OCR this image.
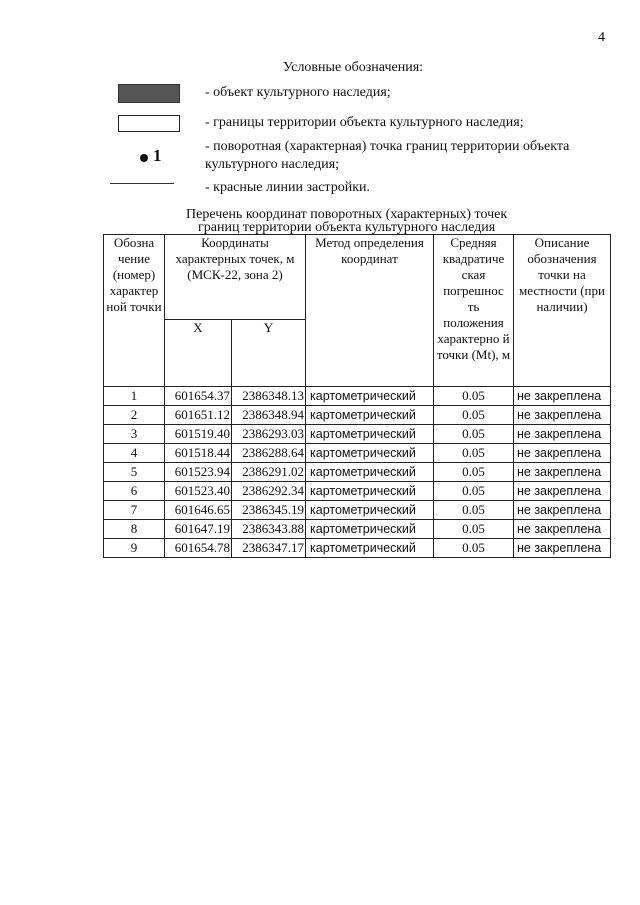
4
Условные обозначения:
- объект культурного наследия;
- границы территории объекта культурного наследия;
1	- поворотная (характерная) точка границ территории объекта
культурного наследия;
- красные линии застройки.
Перечень координат поворотных (характерных) точек
границ территории объекта культурного наследия
Обозна чение (номер) характер ной точки	Координаты характерных точек, м (МСК-22, зона 2)		Метод определения координат	Средняя квадратиче ская погрешнос ть положения характерно й точки (Mt), м	Описание обозначения точки на местности (при наличии)
	X	Y			
1	601654.37	2386348.13	картометрический	0.05	не закреплена
2	601651.12	2386348.94	картометрический	0.05	не закреплена
3	601519.40	2386293.03	картометрический	0.05	не закреплена
4	601518.44	2386288.64	картометрический	0.05	не закреплена
5	601523.94	2386291.02	картометрический	0.05	не закреплена
6	601523.40	2386292.34	картометрический	0.05	не закреплена
7	601646.65	2386345.19	картометрический	0.05	не закреплена
8	601647.19	2386343.88	картометрический	0.05	не закреплена
9	601654.78	2386347.17	картометрический	0.05	не закреплена
